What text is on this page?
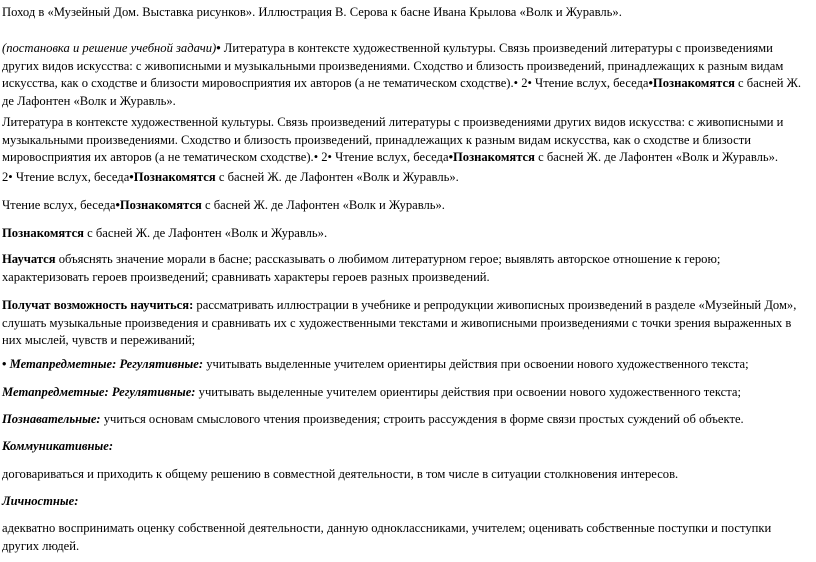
Поход в «Музейный Дом. Выставка рисунков». Иллюстрация В. Серова к басне Ивана Крылова «Волк и Журавль».

(постановка и решение учебной задачи)• Литература в контексте художественной культуры. Связь произведений литературы с произведениями других видов искусства: с живописными и музыкальными произведениями. Сходство и близость произведений, принадлежащих к разным видам искусства, как о сходстве и близости мировосприятия их авторов (а не тематическом сходстве).• 2• Чтение вслух, беседа•Познакомятся с басней Ж. де Лафонтен «Волк и Журавль».

Литература в контексте художественной культуры. Связь произведений литературы с произведениями других видов искусства: с живописными и музыкальными произведениями. Сходство и близость произведений, принадлежащих к разным видам искусства, как о сходстве и близости мировосприятия их авторов (а не тематическом сходстве).• 2• Чтение вслух, беседа•Познакомятся с басней Ж. де Лафонтен «Волк и Журавль».

2• Чтение вслух, беседа•Познакомятся с басней Ж. де Лафонтен «Волк и Журавль».

Чтение вслух, беседа•Познакомятся с басней Ж. де Лафонтен «Волк и Журавль».

Познакомятся с басней Ж. де Лафонтен «Волк и Журавль».

Научатся объяснять значение морали в басне; рассказывать о любимом литературном герое; выявлять авторское отношение к герою; характеризовать героев произведений; сравнивать характеры героев разных произведений.

Получат возможность научиться: рассматривать иллюстрации в учебнике и репродукции живописных произведений в разделе «Музейный Дом», слушать музыкальные произведения и сравнивать их с художественными текстами и живописными произведениями с точки зрения выраженных в них мыслей, чувств и переживаний;

• Метапредметные: Регулятивные: учитывать выделенные учителем ориентиры действия при освоении нового художественного текста;

Метапредметные: Регулятивные: учитывать выделенные учителем ориентиры действия при освоении нового художественного текста;

Познавательные: учиться основам смыслового чтения произведения; строить рассуждения в форме связи простых суждений об объекте.

Коммуникативные:

договариваться и приходить к общему решению в совместной деятельности, в том числе в ситуации столкновения интересов.

Личностные:

адекватно воспринимать оценку собственной деятельности, данную одноклассниками, учителем; оценивать собственные поступки и поступки других людей.
